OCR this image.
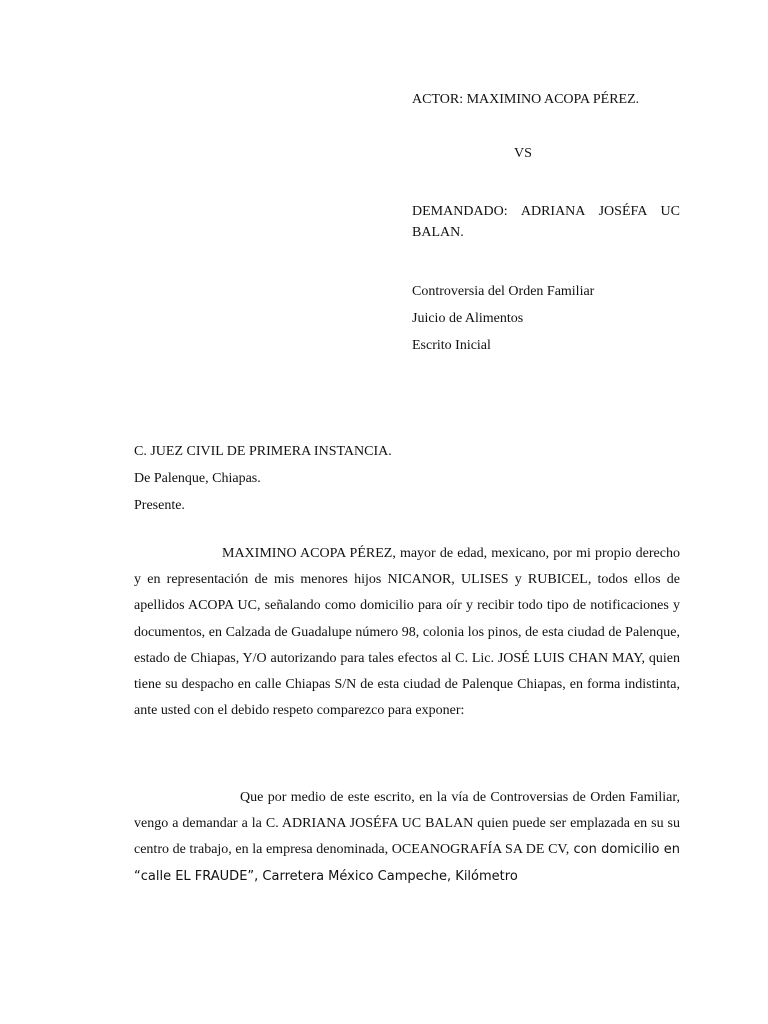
ACTOR: MAXIMINO ACOPA PÉREZ.
VS
DEMANDADO: ADRIANA JOSÉFA UC
BALAN.
Controversia del Orden Familiar
Juicio de Alimentos
Escrito Inicial
C. JUEZ CIVIL DE PRIMERA INSTANCIA.
De Palenque, Chiapas.
Presente.
MAXIMINO ACOPA PÉREZ, mayor de edad, mexicano, por mi propio derecho y en representación de mis menores hijos NICANOR, ULISES y RUBICEL, todos ellos de apellidos ACOPA UC, señalando como domicilio para oír y recibir todo tipo de notificaciones y documentos, en Calzada de Guadalupe número 98, colonia los pinos, de esta ciudad de Palenque, estado de Chiapas, Y/O autorizando para tales efectos al C. Lic. JOSÉ LUIS CHAN MAY, quien tiene su despacho en calle Chiapas S/N de esta ciudad de Palenque Chiapas, en forma indistinta, ante usted con el debido respeto comparezco para exponer:
Que por medio de este escrito, en la vía de Controversias de Orden Familiar, vengo a demandar a la C. ADRIANA JOSÉFA UC BALAN quien puede ser emplazada en su su centro de trabajo, en la empresa denominada, OCEANOGRAFÍA SA DE CV, con domicilio en “calle EL FRAUDE”, Carretera México Campeche, Kilómetro
